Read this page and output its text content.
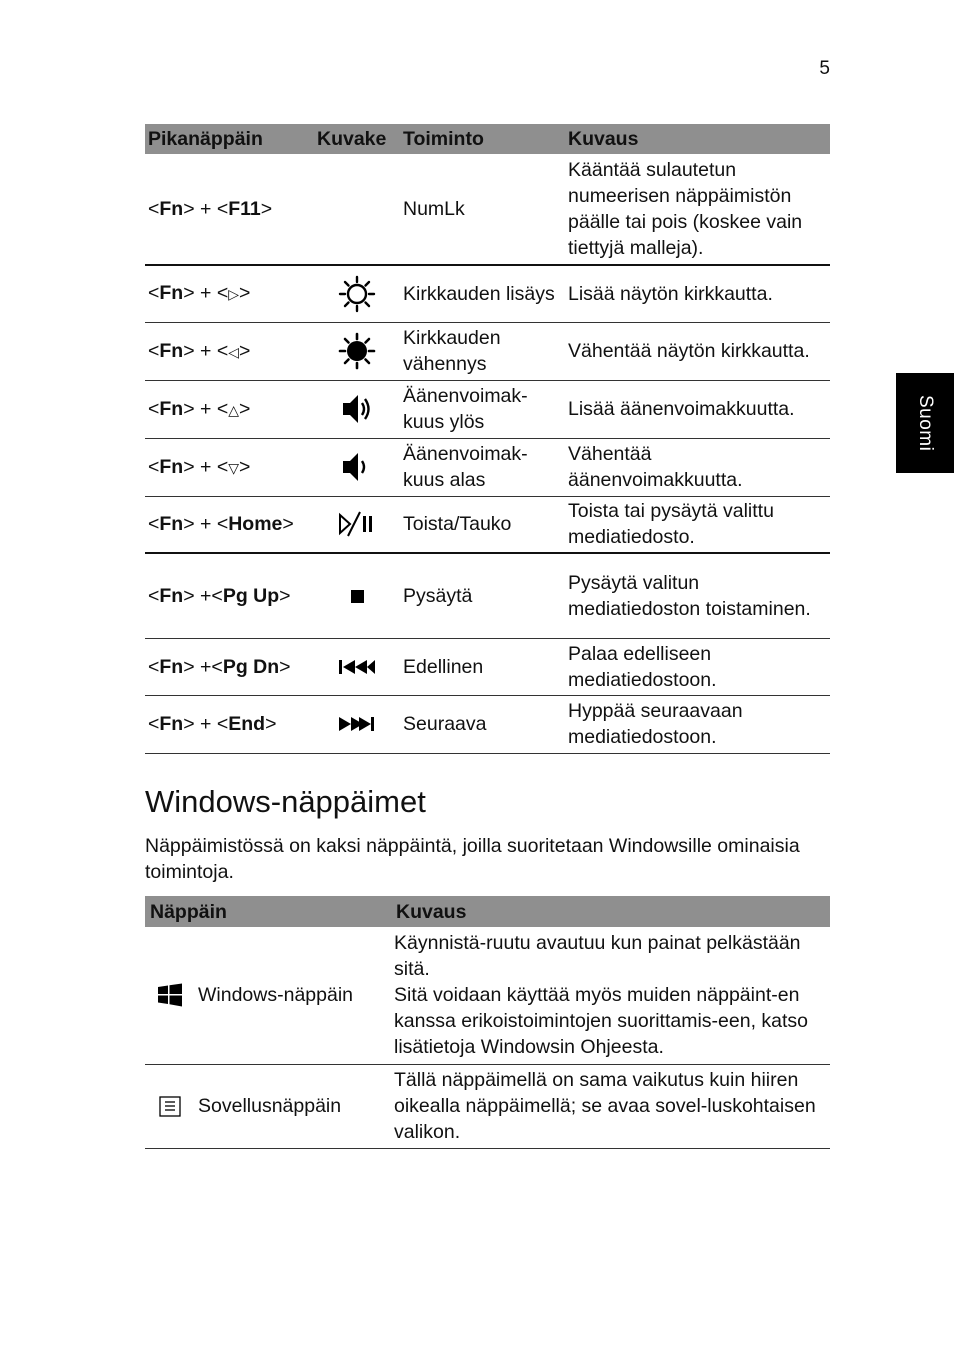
5
Suomi
Pikanäppäin	Kuvake	Toiminto	Kuvaus
<Fn> + <F11>		NumLk	Kääntää sulautetun numeerisen näppäimistön päälle tai pois (koskee vain tiettyjä malleja).
<Fn> + <▷>		Kirkkauden lisäys	Lisää näytön kirkkautta.
<Fn> + <◁>		Kirkkauden vähennys	Vähentää näytön kirkkautta.
<Fn> + <△>		Äänenvoimak-kuus ylös	Lisää äänenvoimakkuutta.
<Fn> + <▽>		Äänenvoimak-kuus alas	Vähentää äänenvoimakkuutta.
<Fn> + <Home>		Toista/Tauko	Toista tai pysäytä valittu mediatiedosto.
<Fn> +<Pg Up>		Pysäytä	Pysäytä valitun mediatiedoston toistaminen.
<Fn> +<Pg Dn>		Edellinen	Palaa edelliseen mediatiedostoon.
<Fn> + <End>		Seuraava	Hyppää seuraavaan mediatiedostoon.
Windows-näppäimet

Näppäimistössä on kaksi näppäintä, joilla suoritetaan Windowsille ominaisia toimintoja.

Näppäin	Kuvaus

Windows-näppäin	Käynnistä-ruutu avautuu kun painat pelkästään sitä.
Sitä voidaan käyttää myös muiden näppäint-en kanssa erikoistoimintojen suorittamis-een, katso lisätietoja Windowsin Ohjeesta.

Sovellusnäppäin	Tällä näppäimellä on sama vaikutus kuin hiiren oikealla näppäimellä; se avaa sovel-luskohtaisen valikon.
